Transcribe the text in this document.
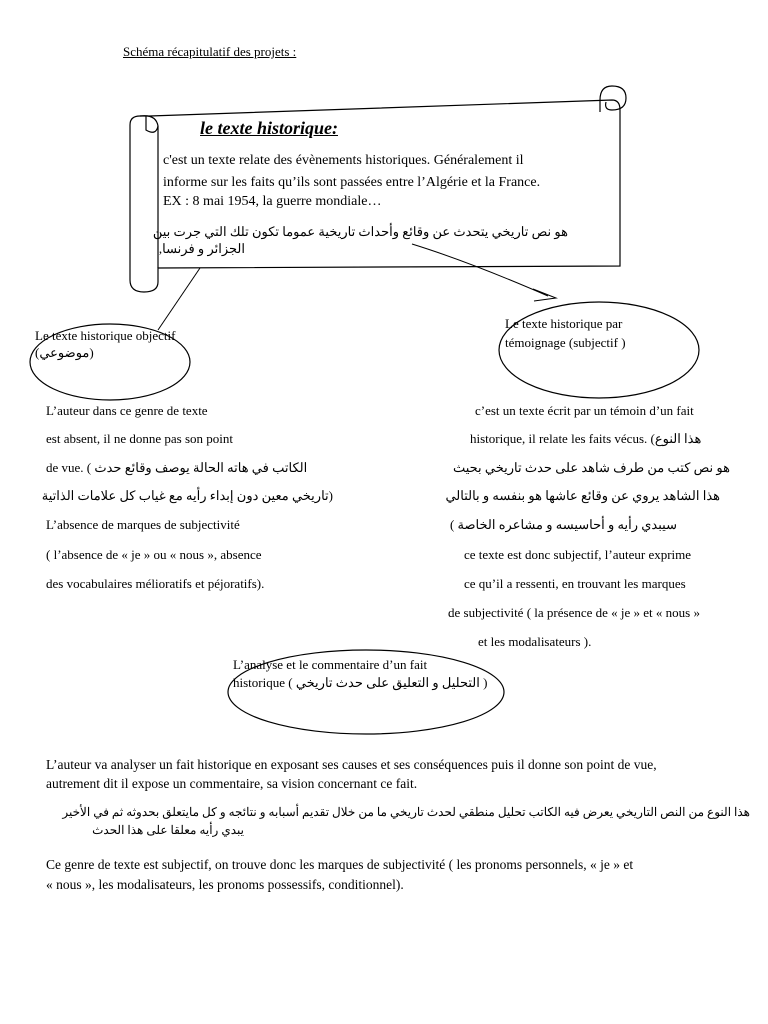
Schéma récapitulatif des projets :
le texte historique:
c'est un texte relate des évènements historiques. Généralement il
informe sur les faits qu’ils sont passées entre l’Algérie et la France.
EX : 8 mai 1954, la guerre mondiale…
هو نص تاريخي يتحدث عن وقائع وأحداث تاريخية عموما تكون تلك التي جرت بين
الجزائر و فرنسا,
Le texte historique objectif
(موضوعي)
Le texte historique par
témoignage (subjectif )
L’auteur dans ce genre de texte
est absent, il ne donne pas son point
de vue. ( الكاتب في هاته الحالة يوصف وقائع حدث
(تاريخي معين دون إبداء رأيه مع غياب كل علامات الذاتية
L’absence de marques de subjectivité
( l’absence de « je » ou « nous », absence
des vocabulaires mélioratifs et péjoratifs).
c’est un texte écrit par un témoin d’un fait
historique, il relate les faits vécus. (هذا النوع
هو نص كتب من طرف شاهد على حدث تاريخي بحيث
هذا الشاهد يروي عن وقائع عاشها هو بنفسه و بالتالي
سيبدي رأيه و أحاسيسه و مشاعره الخاصة )
ce texte est donc subjectif, l’auteur exprime
ce qu’il a ressenti, en trouvant les marques
de subjectivité ( la présence de « je » et « nous »
et les modalisateurs ).
L’analyse et le commentaire d’un fait
historique ( التحليل و التعليق على حدث تاريخي )
L’auteur va analyser un fait historique en exposant ses causes et ses conséquences puis il donne son point de vue,
autrement dit il expose un commentaire, sa vision concernant ce fait.
هذا النوع من النص التاريخي يعرض فيه الكاتب تحليل منطقي لحدث تاريخي ما من خلال تقديم أسبابه و نتائجه و كل مايتعلق بحدوثه ثم في الأخير
يبدي رأيه معلقا على هذا الحدث
Ce genre de texte est subjectif, on trouve donc les marques de subjectivité ( les pronoms personnels, « je » et
« nous », les modalisateurs, les pronoms possessifs, conditionnel).
